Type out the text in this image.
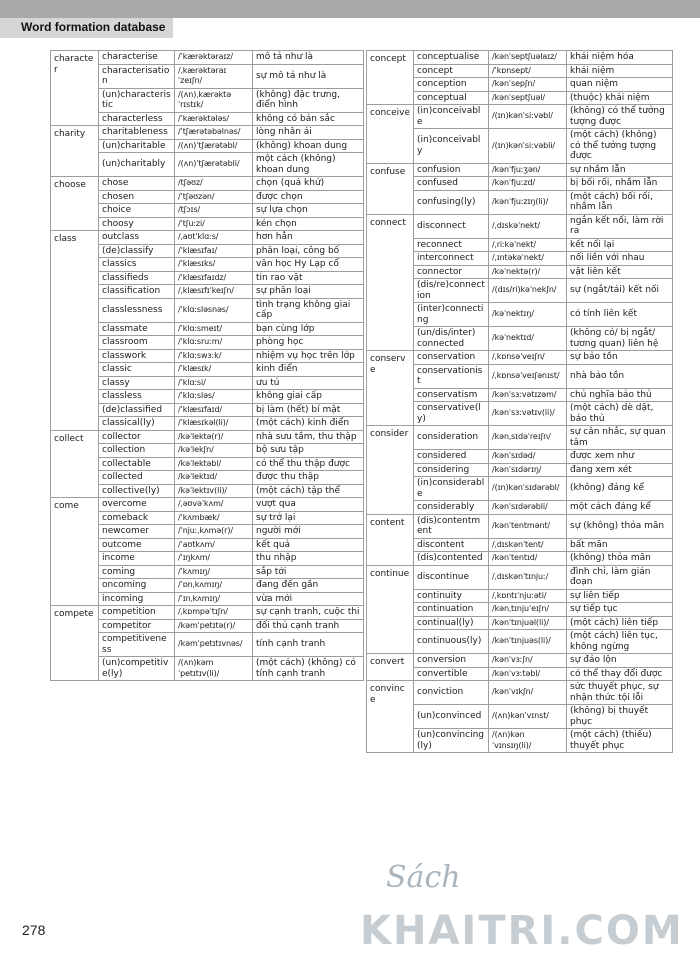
Word formation database
character	characterise	/ˈkærəktəraɪz/	mô tả như là
	characterisation	/ˌkærəktəraɪˈzeɪʃn/	sự mô tả như là
	(un)characteristic	/(ʌn)ˌkærəktəˈrɪstɪk/	(không) đặc trưng, điển hình
	characterless	/ˈkærəktələs/	không có bản sắc
charity	charitableness	/ˈtʃærətəbəlnəs/	lòng nhân ái
	(un)charitable	/(ʌn)ˈtʃærətəbl/	(không) khoan dung
	(un)charitably	/(ʌn)ˈtʃærətəbli/	một cách (không) khoan dung
choose	chose	/tʃəʊz/	chọn (quá khứ)
	chosen	/ˈtʃəʊzən/	được chọn
	choice	/tʃɔɪs/	sự lựa chọn
	choosy	/ˈtʃuːzi/	kén chọn
class	outclass	/ˌaʊtˈklɑːs/	hơn hẳn
	(de)classify	/ˈklæsɪfaɪ/	phân loại, công bố
	classics	/ˈklæsɪks/	văn học Hy Lạp cổ
	classifieds	/ˈklæsɪfaɪdz/	tin rao vặt
	classification	/ˌklæsɪfɪˈkeɪʃn/	sự phân loại
	classlessness	/ˈklɑːsləsnəs/	tình trạng không giai cấp
	classmate	/ˈklɑːsmeɪt/	bạn cùng lớp
	classroom	/ˈklɑːsruːm/	phòng học
	classwork	/ˈklɑːswɜːk/	nhiệm vụ học trên lớp
	classic	/ˈklæsɪk/	kinh điển
	classy	/ˈklɑːsi/	ưu tú
	classless	/ˈklɑːsləs/	không giai cấp
	(de)classified	/ˈklæsɪfaɪd/	bị làm (hết) bí mật
	classical(ly)	/ˈklæsɪkəl(li)/	(một cách) kinh điển
collect	collector	/kəˈlektə(r)/	nhà sưu tầm, thu thập
	collection	/kəˈlekʃn/	bộ sưu tập
	collectable	/kəˈlektəbl/	có thể thu thập được
	collected	/kəˈlektɪd/	được thu thập
	collective(ly)	/kəˈlektɪv(li)/	(một cách) tập thể
come	overcome	/ˌəʊvəˈkʌm/	vượt qua
	comeback	/ˈkʌmbæk/	sự trở lại
	newcomer	/ˈnjuːˌkʌmə(r)/	người mới
	outcome	/ˈaʊtkʌm/	kết quả
	income	/ˈɪŋkʌm/	thu nhập
	coming	/ˈkʌmɪŋ/	sắp tới
	oncoming	/ˈɒnˌkʌmɪŋ/	đang đến gần
	incoming	/ˈɪnˌkʌmɪŋ/	vừa mới
compete	competition	/ˌkɒmpəˈtɪʃn/	sự cạnh tranh, cuộc thi
	competitor	/kəmˈpetɪtə(r)/	đối thủ cạnh tranh
	competitiveness	/kəmˈpetɪtɪvnəs/	tính cạnh tranh
	(un)competitive(ly)	/(ʌn)kəmˈpetɪtɪv(li)/	(một cách) (không) có tính cạnh tranh
concept	conceptualise	/kənˈseptʃuəlaɪz/	khái niệm hóa
	concept	/ˈkɒnsept/	khái niệm
	conception	/kənˈsepʃn/	quan niệm
	conceptual	/kənˈseptʃuəl/	(thuộc) khái niệm
conceive	(in)conceivable	/(ɪn)kənˈsiːvəbl/	(không) có thể tưởng tượng được
	(in)conceivably	/(ɪn)kənˈsiːvəbli/	(một cách) (không) có thể tưởng tượng được
confuse	confusion	/kənˈfjuːʒən/	sự nhầm lẫn
	confused	/kənˈfjuːzd/	bị bối rối, nhầm lẫn
	confusing(ly)	/kənˈfjuːzɪŋ(li)/	(một cách) bối rối, nhầm lẫn
connect	disconnect	/ˌdɪskəˈnekt/	ngắn kết nối, làm rời ra
	reconnect	/ˌriːkəˈnekt/	kết nối lại
	interconnect	/ˌɪntəkəˈnekt/	nối liền với nhau
	connector	/kəˈnektə(r)/	vật liên kết
	(dis/re)connection	/(dɪs/ri)kəˈnekʃn/	sự (ngắt/tái) kết nối
	(inter)connecting	/kəˈnektɪŋ/	có tính liên kết
	(un/dis/inter) connected	/kəˈnektɪd/	(không có/ bị ngắt/ tương quan) liên hệ
conserve	conservation	/ˌkɒnsəˈveɪʃn/	sự bảo tồn
	conservationist	/ˌkɒnsəˈveɪʃənɪst/	nhà bảo tồn
	conservatism	/kənˈsɜːvətɪzəm/	chủ nghĩa bảo thủ
	conservative(ly)	/kənˈsɜːvətɪv(li)/	(một cách) dè dặt, bảo thủ
consider	consideration	/kənˌsɪdəˈreɪʃn/	sự cân nhắc, sự quan tâm
	considered	/kənˈsɪdəd/	được xem như
	considering	/kənˈsɪdərɪŋ/	đang xem xét
	(in)considerable	/(ɪn)kənˈsɪdərəbl/	(không) đáng kể
	considerably	/kənˈsɪdərəbli/	một cách đáng kể
content	(dis)contentment	/kənˈtentmənt/	sự (không) thỏa mãn
	discontent	/ˌdɪskənˈtent/	bất mãn
	(dis)contented	/kənˈtentɪd/	(không) thỏa mãn
continue	discontinue	/ˌdɪskənˈtɪnjuː/	đình chỉ, làm gián đoạn
	continuity	/ˌkɒntɪˈnjuːəti/	sự liên tiếp
	continuation	/kənˌtɪnjuˈeɪʃn/	sự tiếp tục
	continual(ly)	/kənˈtɪnjuəl(li)/	(một cách) liên tiếp
	continuous(ly)	/kənˈtɪnjuəs(li)/	(một cách) liên tục, không ngừng
convert	conversion	/kənˈvɜːʃn/	sự đảo lộn
	convertible	/kənˈvɜːtəbl/	có thể thay đổi được
convince	conviction	/kənˈvɪkʃn/	sức thuyết phục, sự nhận thức tội lỗi
	(un)convinced	/(ʌn)kənˈvɪnst/	(không) bị thuyết phục
	(un)convincing(ly)	/(ʌn)kənˈvɪnsɪŋ(li)/	(một cách) (thiếu) thuyết phục
278
Sách
KHAITRI.COM
